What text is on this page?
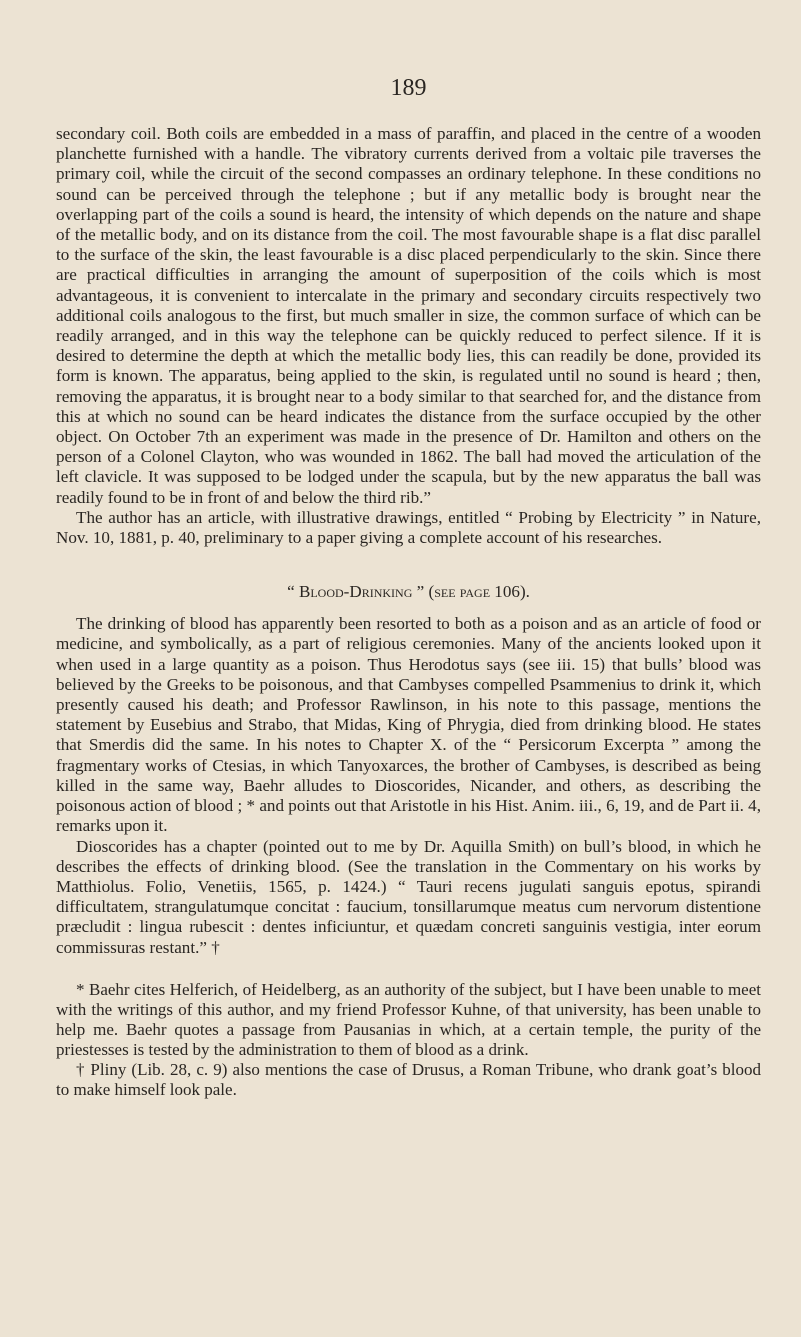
189

secondary coil. Both coils are embedded in a mass of paraffin, and placed in the centre of a wooden planchette furnished with a handle. The vibratory currents derived from a voltaic pile traverses the primary coil, while the circuit of the second compasses an ordinary telephone. In these conditions no sound can be perceived through the telephone ; but if any metallic body is brought near the overlapping part of the coils a sound is heard, the intensity of which depends on the nature and shape of the metallic body, and on its distance from the coil. The most favourable shape is a flat disc parallel to the surface of the skin, the least favourable is a disc placed perpendicularly to the skin. Since there are practical difficulties in arranging the amount of superposition of the coils which is most advantageous, it is convenient to intercalate in the primary and secondary circuits respectively two additional coils analogous to the first, but much smaller in size, the common surface of which can be readily arranged, and in this way the telephone can be quickly reduced to perfect silence. If it is desired to determine the depth at which the metallic body lies, this can readily be done, provided its form is known. The apparatus, being applied to the skin, is regulated until no sound is heard ; then, removing the apparatus, it is brought near to a body similar to that searched for, and the distance from this at which no sound can be heard indicates the distance from the surface occupied by the other object. On October 7th an experiment was made in the presence of Dr. Hamilton and others on the person of a Colonel Clayton, who was wounded in 1862. The ball had moved the articulation of the left clavicle. It was supposed to be lodged under the scapula, but by the new apparatus the ball was readily found to be in front of and below the third rib.”

The author has an article, with illustrative drawings, entitled “ Probing by Electricity ” in Nature, Nov. 10, 1881, p. 40, preliminary to a paper giving a complete account of his researches.

“ Blood-Drinking ” (see page 106).

The drinking of blood has apparently been resorted to both as a poison and as an article of food or medicine, and symbolically, as a part of religious ceremonies. Many of the ancients looked upon it when used in a large quantity as a poison. Thus Herodotus says (see iii. 15) that bulls’ blood was believed by the Greeks to be poisonous, and that Cambyses compelled Psammenius to drink it, which presently caused his death; and Professor Rawlinson, in his note to this passage, mentions the statement by Eusebius and Strabo, that Midas, King of Phrygia, died from drinking blood. He states that Smerdis did the same. In his notes to Chapter X. of the “ Persicorum Excerpta ” among the fragmentary works of Ctesias, in which Tanyoxarces, the brother of Cambyses, is described as being killed in the same way, Baehr alludes to Dioscorides, Nicander, and others, as describing the poisonous action of blood ; * and points out that Aristotle in his Hist. Anim. iii., 6, 19, and de Part ii. 4, remarks upon it.

Dioscorides has a chapter (pointed out to me by Dr. Aquilla Smith) on bull’s blood, in which he describes the effects of drinking blood. (See the translation in the Commentary on his works by Matthiolus. Folio, Venetiis, 1565, p. 1424.) “ Tauri recens jugulati sanguis epotus, spirandi difficultatem, strangulatumque concitat : faucium, tonsillarumque meatus cum nervorum distentione præcludit : lingua rubescit : dentes inficiuntur, et quædam concreti sanguinis vestigia, inter eorum commissuras restant.” †

* Baehr cites Helferich, of Heidelberg, as an authority of the subject, but I have been unable to meet with the writings of this author, and my friend Professor Kuhne, of that university, has been unable to help me. Baehr quotes a passage from Pausanias in which, at a certain temple, the purity of the priestesses is tested by the administration to them of blood as a drink.

† Pliny (Lib. 28, c. 9) also mentions the case of Drusus, a Roman Tribune, who drank goat’s blood to make himself look pale.
